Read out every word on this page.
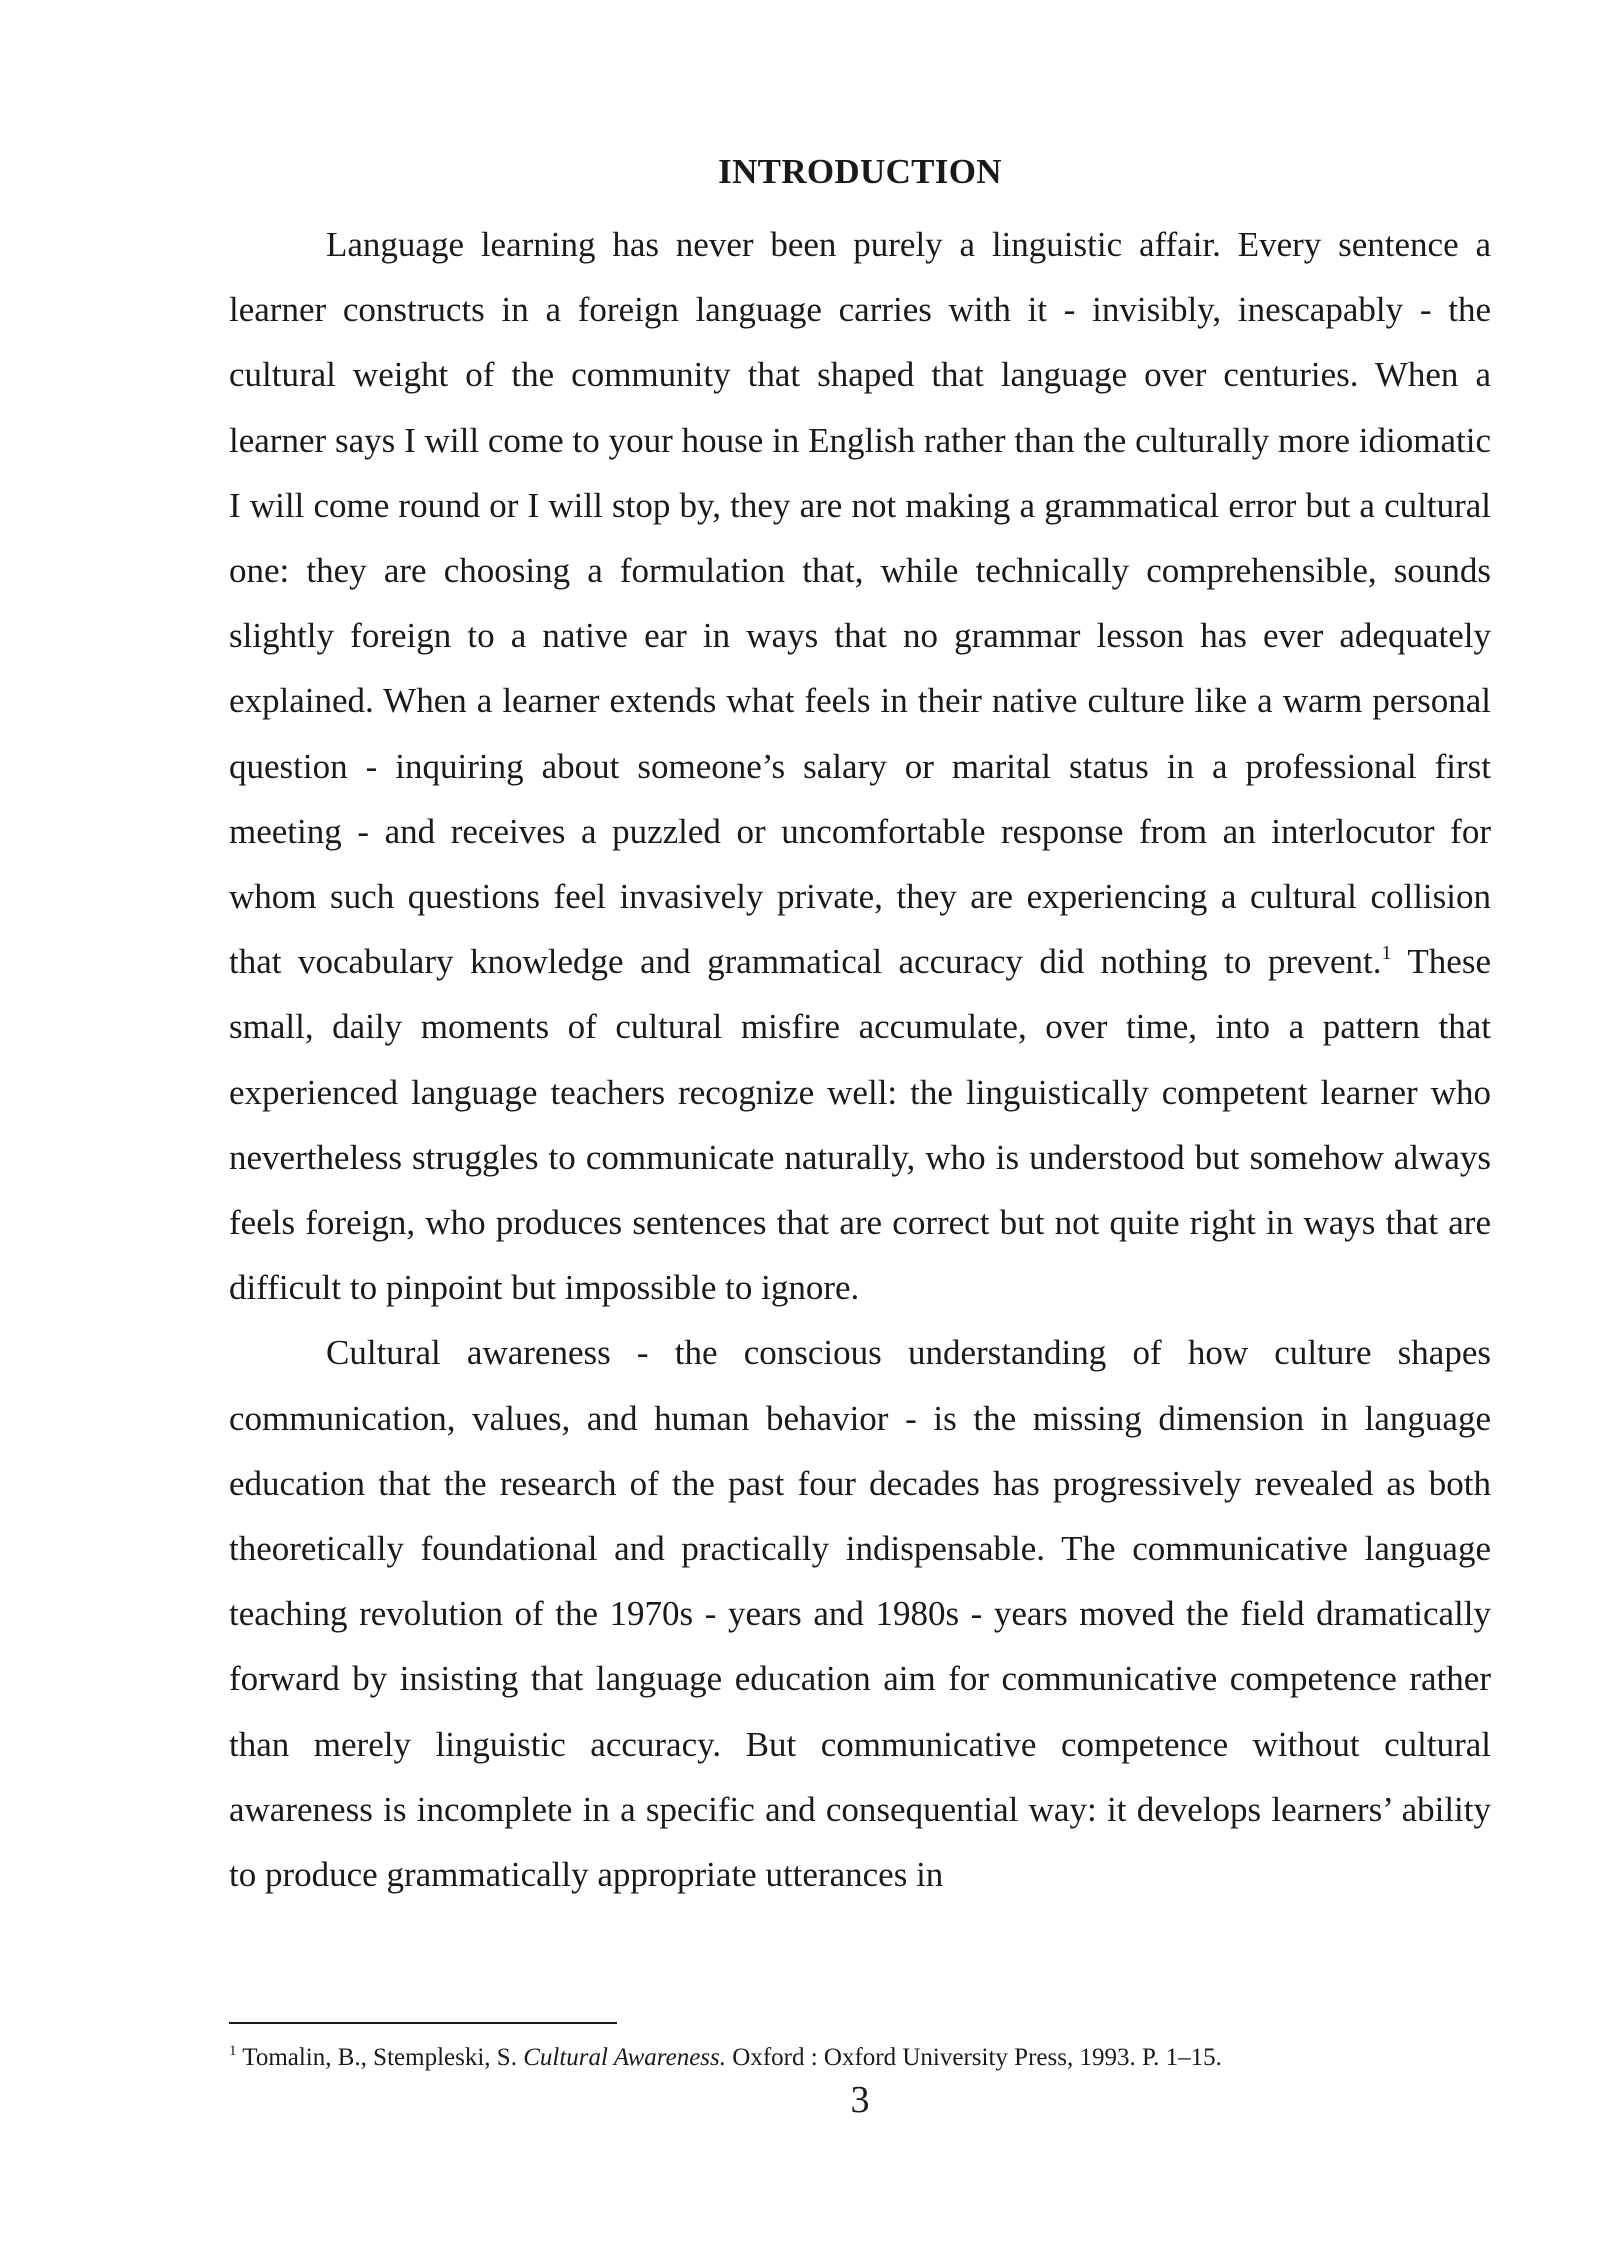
INTRODUCTION

Language learning has never been purely a linguistic affair. Every sentence a learner constructs in a foreign language carries with it - invisibly, inescapably - the cultural weight of the community that shaped that language over centuries. When a learner says I will come to your house in English rather than the culturally more idiomatic I will come round or I will stop by, they are not making a grammatical error but a cultural one: they are choosing a formulation that, while technically comprehensible, sounds slightly foreign to a native ear in ways that no grammar lesson has ever adequately explained. When a learner extends what feels in their native culture like a warm personal question - inquiring about someone’s salary or marital status in a professional first meeting - and receives a puzzled or uncomfortable response from an interlocutor for whom such questions feel invasively private, they are experiencing a cultural collision that vocabulary knowledge and grammatical accuracy did nothing to prevent.$^1$ These small, daily moments of cultural misfire accumulate, over time, into a pattern that experienced language teachers recognize well: the linguistically competent learner who nevertheless struggles to communicate naturally, who is understood but somehow always feels foreign, who produces sentences that are correct but not quite right in ways that are difficult to pinpoint but impossible to ignore.

Cultural awareness - the conscious understanding of how culture shapes communication, values, and human behavior - is the missing dimension in language education that the research of the past four decades has progressively revealed as both theoretically foundational and practically indispensable. The communicative language teaching revolution of the 1970s - years and 1980s - years moved the field dramatically forward by insisting that language education aim for communicative competence rather than merely linguistic accuracy. But communicative competence without cultural awareness is incomplete in a specific and consequential way: it develops learners’ ability to produce grammatically appropriate utterances in

$^1$ Tomalin, B., Stempleski, S. Cultural Awareness. Oxford : Oxford University Press, 1993. P. 1–15.

3
